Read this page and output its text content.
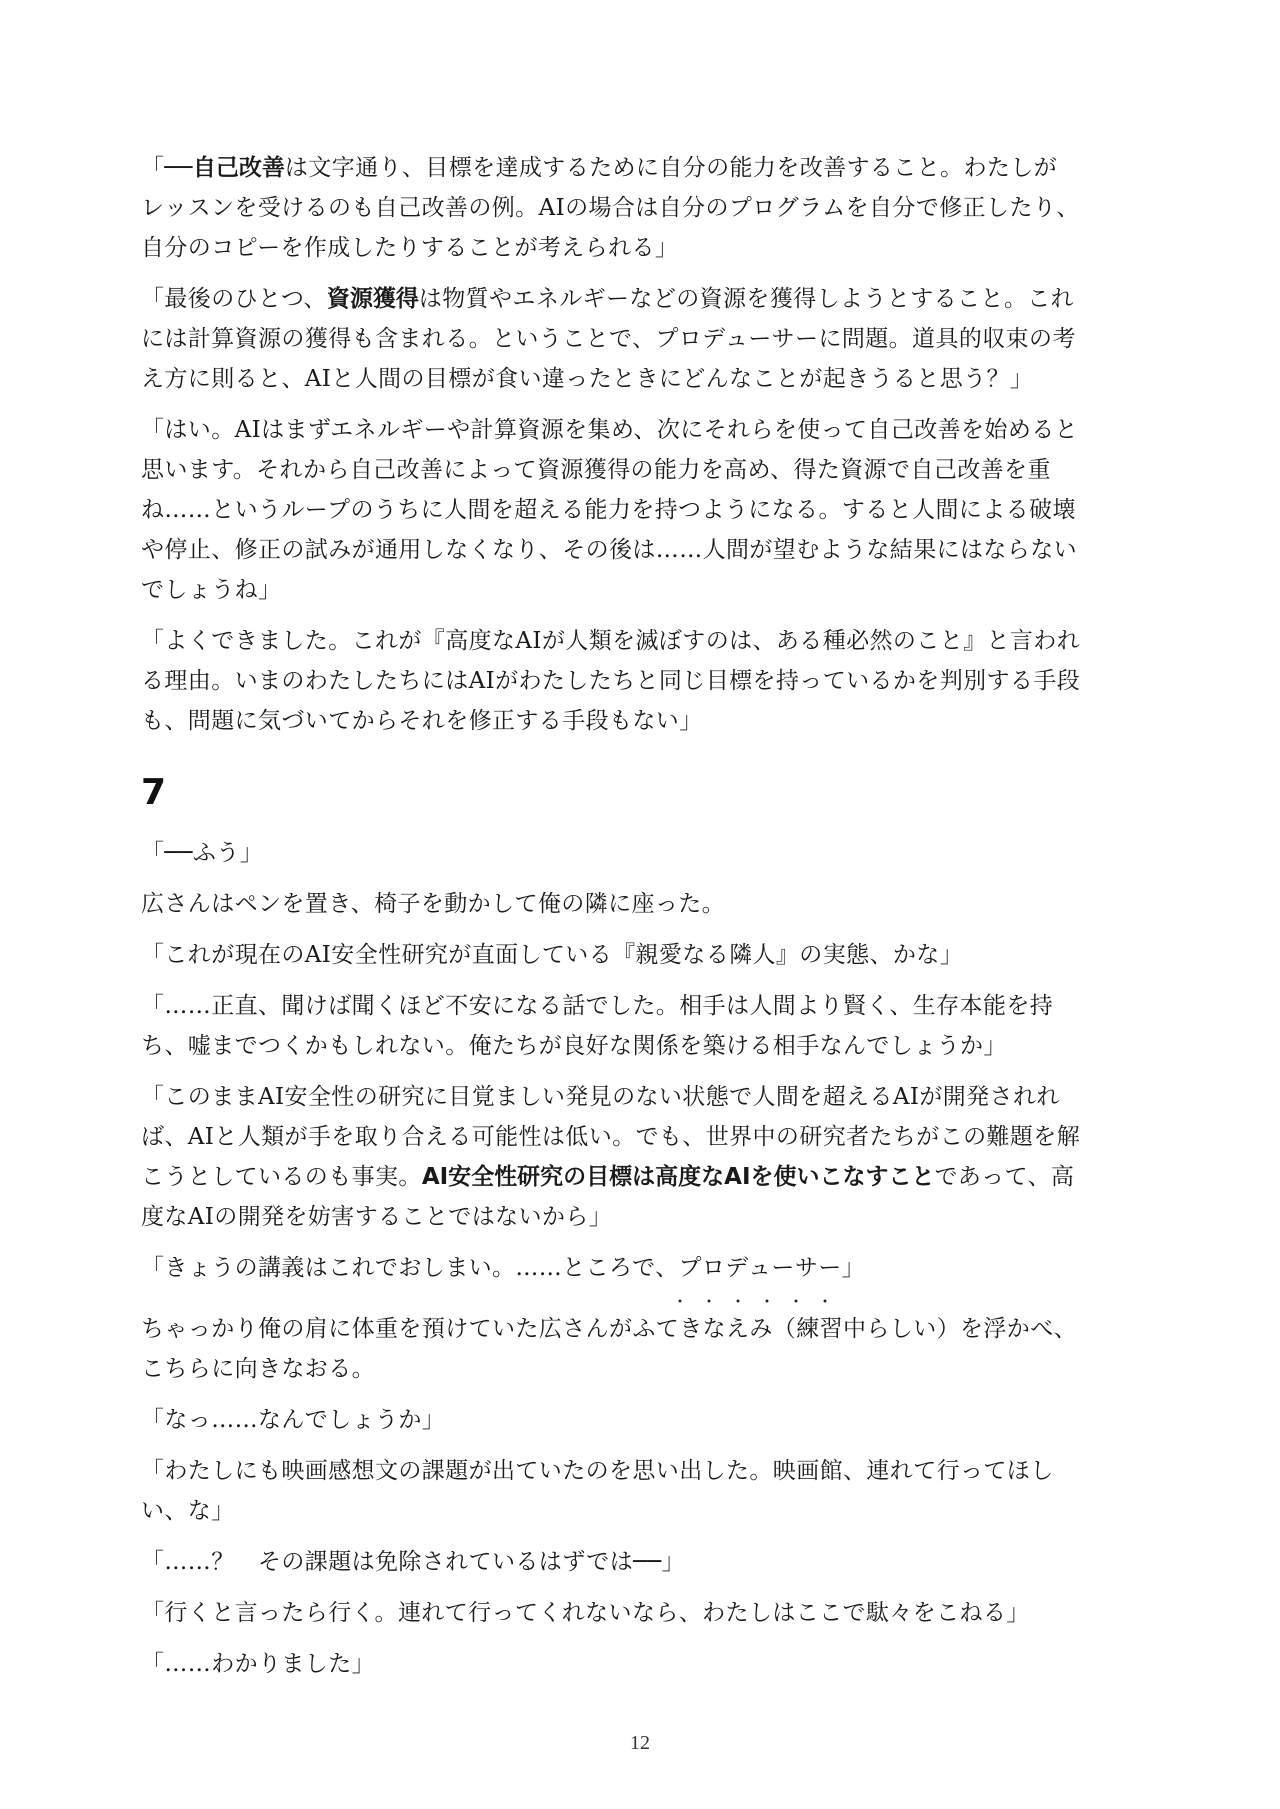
「──自己改善は文字通り、目標を達成するために自分の能力を改善すること。わたしが
レッスンを受けるのも自己改善の例。AIの場合は自分のプログラムを自分で修正したり、
自分のコピーを作成したりすることが考えられる」
「最後のひとつ、資源獲得は物質やエネルギーなどの資源を獲得しようとすること。これ
には計算資源の獲得も含まれる。ということで、プロデューサーに問題。道具的収束の考
え方に則ると、AIと人間の目標が食い違ったときにどんなことが起きうると思う？」
「はい。AIはまずエネルギーや計算資源を集め、次にそれらを使って自己改善を始めると
思います。それから自己改善によって資源獲得の能力を高め、得た資源で自己改善を重
ね……というループのうちに人間を超える能力を持つようになる。すると人間による破壊
や停止、修正の試みが通用しなくなり、その後は……人間が望むような結果にはならない
でしょうね」
「よくできました。これが『高度なAIが人類を滅ぼすのは、ある種必然のこと』と言われ
る理由。いまのわたしたちにはAIがわたしたちと同じ目標を持っているかを判別する手段
も、問題に気づいてからそれを修正する手段もない」
7
「──ふう」
広さんはペンを置き、椅子を動かして俺の隣に座った。
「これが現在のAI安全性研究が直面している『親愛なる隣人』の実態、かな」
「……正直、聞けば聞くほど不安になる話でした。相手は人間より賢く、生存本能を持
ち、嘘までつくかもしれない。俺たちが良好な関係を築ける相手なんでしょうか」
「このままAI安全性の研究に目覚ましい発見のない状態で人間を超えるAIが開発されれ
ば、AIと人類が手を取り合える可能性は低い。でも、世界中の研究者たちがこの難題を解
こうとしているのも事実。AI安全性研究の目標は高度なAIを使いこなすことであって、高
度なAIの開発を妨害することではないから」
「きょうの講義はこれでおしまい。……ところで、プロデューサー」
・・・・・・
ちゃっかり俺の肩に体重を預けていた広さんがふてきなえみ（練習中らしい）を浮かべ、
こちらに向きなおる。
「なっ……なんでしょうか」
「わたしにも映画感想文の課題が出ていたのを思い出した。映画館、連れて行ってほし
い、な」
「……？　その課題は免除されているはずでは──」
「行くと言ったら行く。連れて行ってくれないなら、わたしはここで駄々をこねる」
「……わかりました」
12
